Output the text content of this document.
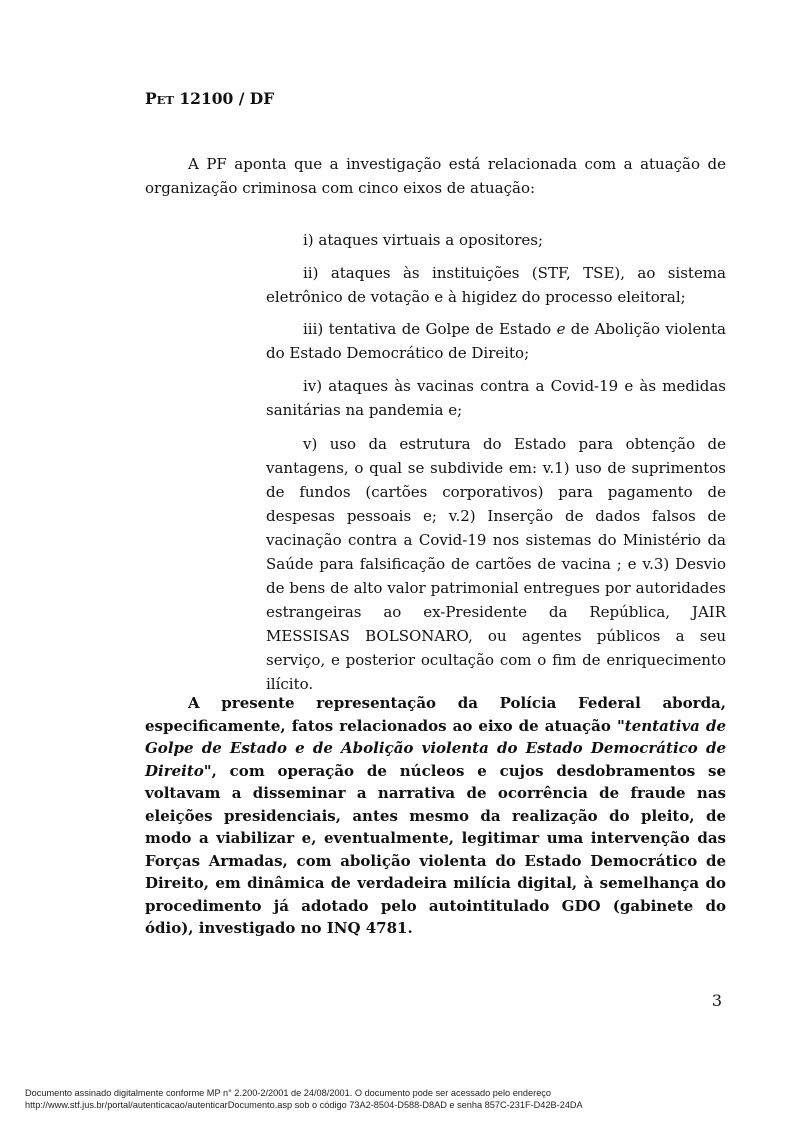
PET 12100 / DF

A PF aponta que a investigação está relacionada com a atuação de organização criminosa com cinco eixos de atuação:

i) ataques virtuais a opositores;

ii) ataques às instituições (STF, TSE), ao sistema eletrônico de votação e à higidez do processo eleitoral;

iii) tentativa de Golpe de Estado e de Abolição violenta do Estado Democrático de Direito;

iv) ataques às vacinas contra a Covid-19 e às medidas sanitárias na pandemia e;

v) uso da estrutura do Estado para obtenção de vantagens, o qual se subdivide em: v.1) uso de suprimentos de fundos (cartões corporativos) para pagamento de despesas pessoais e; v.2) Inserção de dados falsos de vacinação contra a Covid-19 nos sistemas do Ministério da Saúde para falsificação de cartões de vacina ; e v.3) Desvio de bens de alto valor patrimonial entregues por autoridades estrangeiras ao ex-Presidente da República, JAIR MESSISAS BOLSONARO, ou agentes públicos a seu serviço, e posterior ocultação com o fim de enriquecimento ilícito.

A presente representação da Polícia Federal aborda, especificamente, fatos relacionados ao eixo de atuação "tentativa de Golpe de Estado e de Abolição violenta do Estado Democrático de Direito", com operação de núcleos e cujos desdobramentos se voltavam a disseminar a narrativa de ocorrência de fraude nas eleições presidenciais, antes mesmo da realização do pleito, de modo a viabilizar e, eventualmente, legitimar uma intervenção das Forças Armadas, com abolição violenta do Estado Democrático de Direito, em dinâmica de verdadeira milícia digital, à semelhança do procedimento já adotado pelo autointitulado GDO (gabinete do ódio), investigado no INQ 4781.

3
Documento assinado digitalmente conforme MP n° 2.200-2/2001 de 24/08/2001. O documento pode ser acessado pelo endereço
http://www.stf.jus.br/portal/autenticacao/autenticarDocumento.asp sob o código 73A2-8504-D588-D8AD e senha 857C-231F-D42B-24DA
